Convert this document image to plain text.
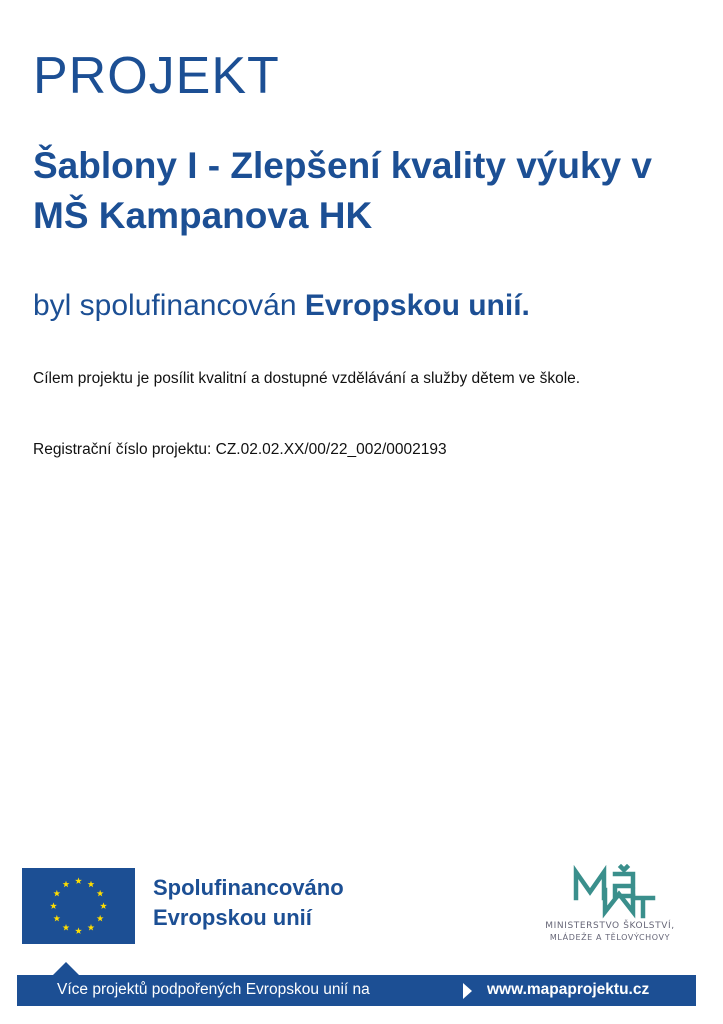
PROJEKT
Šablony I - Zlepšení kvality výuky v MŠ Kampanova HK
byl spolufinancován Evropskou unií.
Cílem projektu je posílit kvalitní a dostupné vzdělávání a služby dětem ve škole.
Registrační číslo projektu: CZ.02.02.XX/00/22_002/0002193
Spolufinancováno
Evropskou unií	MINISTERSTVO ŠKOLSTVÍ,
MLÁDEŽE A TĚLOVÝCHOVY
Více projektů podpořených Evropskou unií na	www.mapaprojektu.cz
